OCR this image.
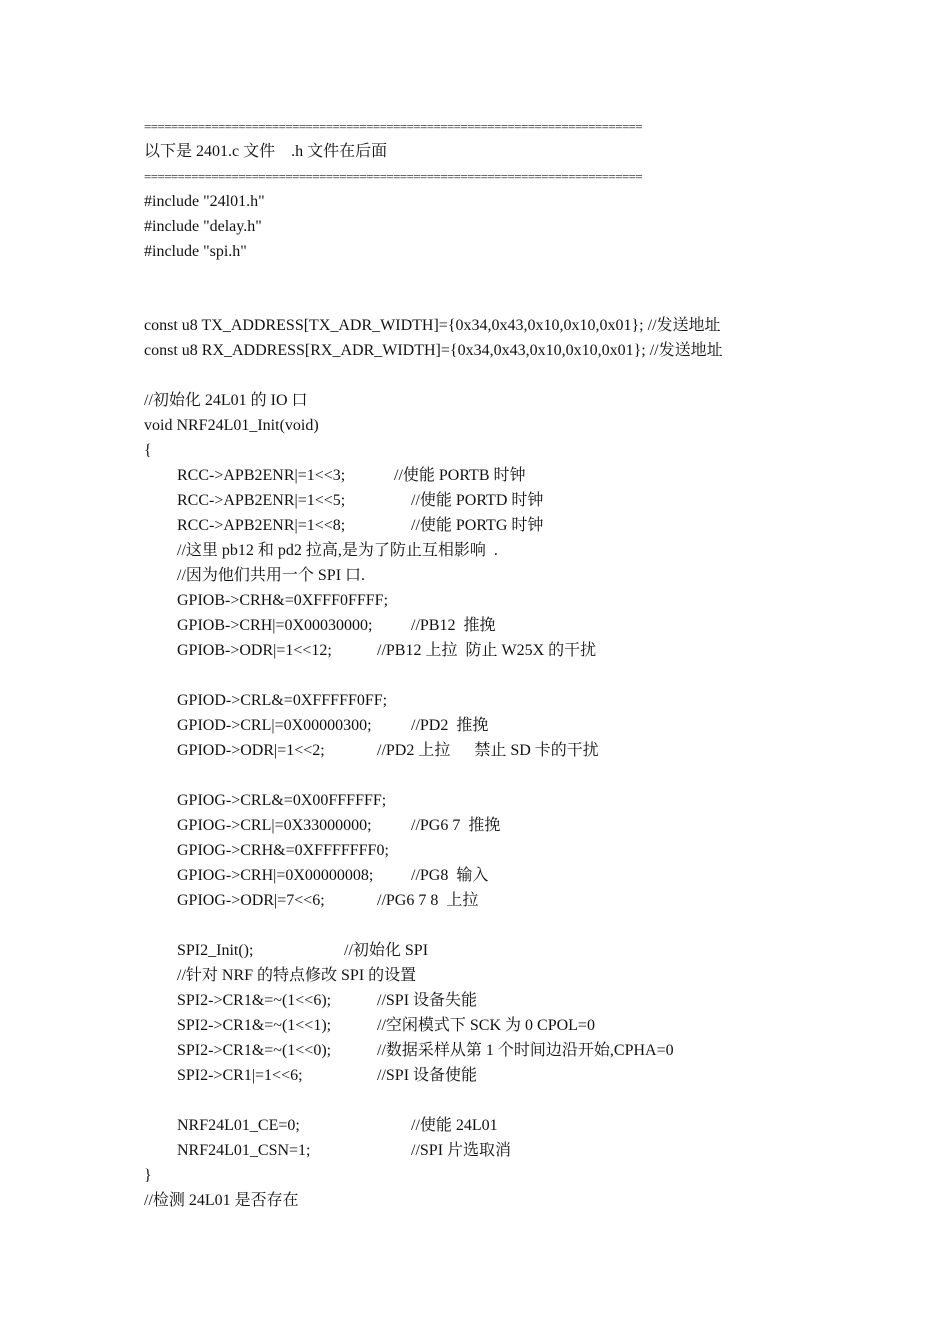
==========================================================================
以下是 2401.c 文件    .h 文件在后面
==========================================================================
#include "24l01.h"
#include "delay.h"
#include "spi.h"
const u8 TX_ADDRESS[TX_ADR_WIDTH]={0x34,0x43,0x10,0x10,0x01}; //发送地址
const u8 RX_ADDRESS[RX_ADR_WIDTH]={0x34,0x43,0x10,0x10,0x01}; //发送地址
//初始化 24L01 的 IO 口
void NRF24L01_Init(void)
{

RCC->APB2ENR|=1<<3;

	//使能 PORTB 时钟

RCC->APB2ENR|=1<<5;

	//使能 PORTD 时钟

RCC->APB2ENR|=1<<8;

	//使能 PORTG 时钟

//这里 pb12 和 pd2 拉高,是为了防止互相影响  .
//因为他们共用一个 SPI 口.
GPIOB->CRH&=0XFFF0FFFF;

GPIOB->CRH|=0X00030000;

//PB12  推挽

GPIOB->ODR|=1<<12;

	//PB12 上拉  防止 W25X 的干扰

GPIOD->CRL&=0XFFFFF0FF;

GPIOD->CRL|=0X00000300;

//PD2  推挽

GPIOD->ODR|=1<<2;

	//PD2 上拉      禁止 SD 卡的干扰

GPIOG->CRL&=0X00FFFFFF;

GPIOG->CRL|=0X33000000;

//PG6 7  推挽

GPIOG->CRH&=0XFFFFFFF0;

GPIOG->CRH|=0X00000008;

//PG8  输入

GPIOG->ODR|=7<<6;

	//PG6 7 8  上拉

SPI2_Init();

	//初始化 SPI

//针对 NRF 的特点修改 SPI 的设置

SPI2->CR1&=~(1<<6);

	//SPI 设备失能

SPI2->CR1&=~(1<<1);

	//空闲模式下 SCK 为 0 CPOL=0

SPI2->CR1&=~(1<<0);

	//数据采样从第 1 个时间边沿开始,CPHA=0

SPI2->CR1|=1<<6;

	//SPI 设备使能

NRF24L01_CE=0;

	//使能 24L01

NRF24L01_CSN=1;

	//SPI 片选取消

}
//检测 24L01 是否存在
